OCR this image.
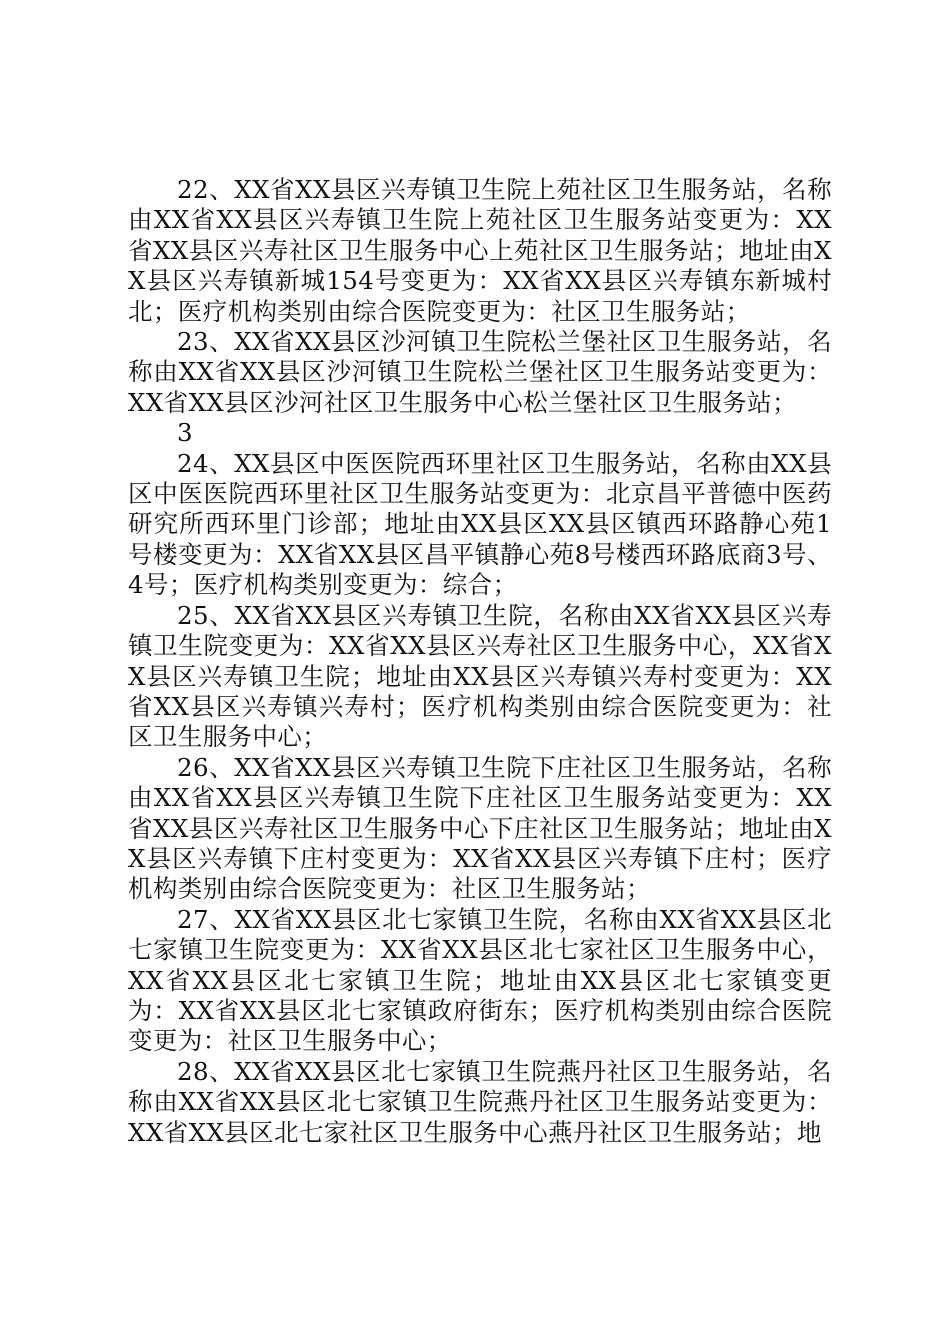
22、XX省XX县区兴寿镇卫生院上苑社区卫生服务站，名称由XX省XX县区兴寿镇卫生院上苑社区卫生服务站变更为：XX省XX县区兴寿社区卫生服务中心上苑社区卫生服务站；地址由XX县区兴寿镇新城154号变更为：XX省XX县区兴寿镇东新城村北；医疗机构类别由综合医院变更为：社区卫生服务站；

23、XX省XX县区沙河镇卫生院松兰堡社区卫生服务站，名称由XX省XX县区沙河镇卫生院松兰堡社区卫生服务站变更为：XX省XX县区沙河社区卫生服务中心松兰堡社区卫生服务站；

3

24、XX县区中医医院西环里社区卫生服务站，名称由XX县区中医医院西环里社区卫生服务站变更为：北京昌平普德中医药研究所西环里门诊部；地址由XX县区XX县区镇西环路静心苑1号楼变更为：XX省XX县区昌平镇静心苑8号楼西环路底商3号、4号；医疗机构类别变更为：综合；

25、XX省XX县区兴寿镇卫生院，名称由XX省XX县区兴寿镇卫生院变更为：XX省XX县区兴寿社区卫生服务中心，XX省XX县区兴寿镇卫生院；地址由XX县区兴寿镇兴寿村变更为：XX省XX县区兴寿镇兴寿村；医疗机构类别由综合医院变更为：社区卫生服务中心；

26、XX省XX县区兴寿镇卫生院下庄社区卫生服务站，名称由XX省XX县区兴寿镇卫生院下庄社区卫生服务站变更为：XX省XX县区兴寿社区卫生服务中心下庄社区卫生服务站；地址由XX县区兴寿镇下庄村变更为：XX省XX县区兴寿镇下庄村；医疗机构类别由综合医院变更为：社区卫生服务站；

27、XX省XX县区北七家镇卫生院，名称由XX省XX县区北七家镇卫生院变更为：XX省XX县区北七家社区卫生服务中心，XX省XX县区北七家镇卫生院；地址由XX县区北七家镇变更为：XX省XX县区北七家镇政府街东；医疗机构类别由综合医院变更为：社区卫生服务中心；

28、XX省XX县区北七家镇卫生院燕丹社区卫生服务站，名称由XX省XX县区北七家镇卫生院燕丹社区卫生服务站变更为：XX省XX县区北七家社区卫生服务中心燕丹社区卫生服务站；地
